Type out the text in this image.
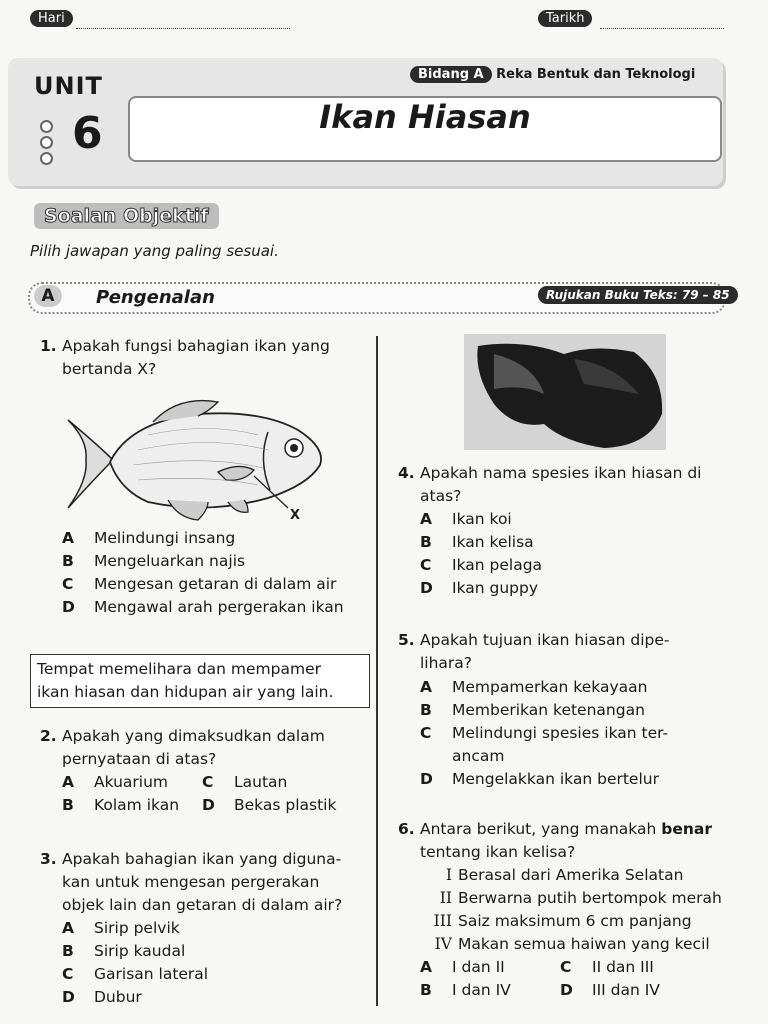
Hari	Tarikh
UNIT
6
Bidang A Reka Bentuk dan Teknologi
Ikan Hiasan
Soalan Objektif
Pilih jawapan yang paling sesuai.
A	Pengenalan	Rujukan Buku Teks: 79 – 85
1. Apakah fungsi bahagian ikan yang
bertanda X?
X
A Melindungi insang
B Mengeluarkan najis
C Mengesan getaran di dalam air
D Mengawal arah pergerakan ikan
Tempat memelihara dan mempamer
ikan hiasan dan hidupan air yang lain.
2. Apakah yang dimaksudkan dalam
pernyataan di atas?
A Akuarium C Lautan
B Kolam ikan D Bekas plastik
3. Apakah bahagian ikan yang diguna-
kan untuk mengesan pergerakan
objek lain dan getaran di dalam air?
A Sirip pelvik
B Sirip kaudal
C Garisan lateral
D Dubur
4. Apakah nama spesies ikan hiasan di
atas?
A Ikan koi
B Ikan kelisa
C Ikan pelaga
D Ikan guppy
5. Apakah tujuan ikan hiasan dipe-
lihara?
A Mempamerkan kekayaan
B Memberikan ketenangan
C Melindungi spesies ikan ter-
ancam
D Mengelakkan ikan bertelur
6. Antara berikut, yang manakah benar
tentang ikan kelisa?
I Berasal dari Amerika Selatan
II Berwarna putih bertompok merah
III Saiz maksimum 6 cm panjang
IV Makan semua haiwan yang kecil
A I dan II	C II dan III
B I dan IV	D III dan IV
